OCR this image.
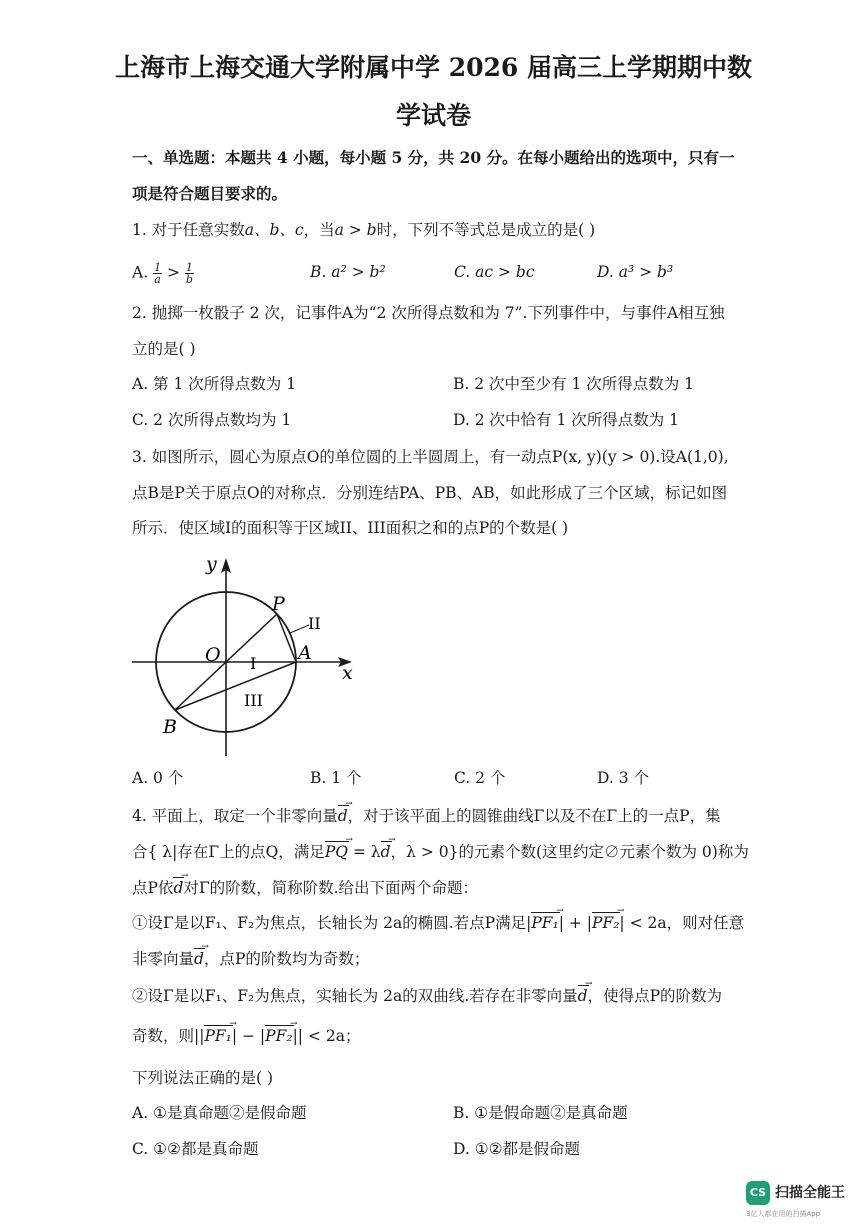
上海市上海交通大学附属中学 2026 届高三上学期期中数
学试卷
一、单选题：本题共 4 小题，每小题 5 分，共 20 分。在每小题给出的选项中，只有一
项是符合题目要求的。
1. 对于任意实数a、b、c，当a > b时，下列不等式总是成立的是( )
A. $\frac{1}{a} > \frac{1}{b}$	B. a² > b²	C. ac > bc	D. a³ > b³
2. 抛掷一枚骰子 2 次，记事件A为“2 次所得点数和为 7”.下列事件中，与事件A相互独
立的是( )
A. 第 1 次所得点数为 1	B. 2 次中至少有 1 次所得点数为 1
C. 2 次所得点数均为 1	D. 2 次中恰有 1 次所得点数为 1
3. 如图所示，圆心为原点O的单位圆的上半圆周上，有一动点P(x, y)(y > 0).设A(1,0),
点B是P关于原点O的对称点．分别连结PA、PB、AB，如此形成了三个区域，标记如图
所示．使区域I的面积等于区域II、III面积之和的点P的个数是( )
y
x
O
P
A
B
I
II
III
A. 0 个	B. 1 个	C. 2 个	D. 3 个
4. 平面上，取定一个非零向量d →，对于该平面上的圆锥曲线Γ以及不在Γ上的一点P，集
合{ λ|存在Γ上的点Q，满足PQ → = λd →，λ > 0}的元素个数(这里约定∅元素个数为 0)称为
点P依d →对Γ的阶数，简称阶数.给出下面两个命题：
①设Γ是以F₁、F₂为焦点，长轴长为 2a的椭圆.若点P满足|PF₁ →| + |PF₂ →| < 2a，则对任意
非零向量d →，点P的阶数均为奇数；
②设Γ是以F₁、F₂为焦点，实轴长为 2a的双曲线.若存在非零向量d →，使得点P的阶数为
奇数，则||PF₁ →| − |PF₂ →|| < 2a；
下列说法正确的是( )
A. ①是真命题②是假命题	B. ①是假命题②是真命题
C. ①②都是真命题	D. ①②都是假命题
CS 扫描全能王
3亿人都在用的扫描App
